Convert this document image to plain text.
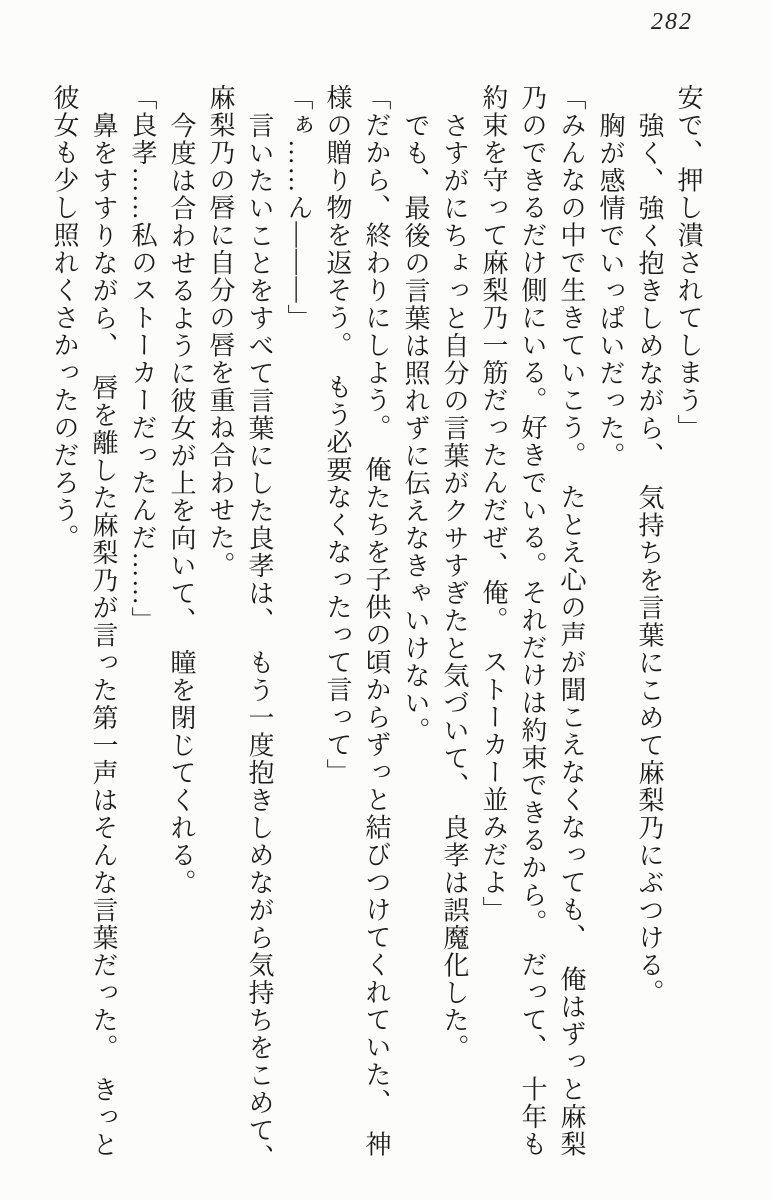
282

安で、押し潰されてしまう」

強く、強く抱きしめながら、　気持ちを言葉にこめて麻梨乃にぶつける。

胸が感情でいっぱいだった。

「みんなの中で生きていこう。　たとえ心の声が聞こえなくなっても、　俺はずっと麻梨

乃のできるだけ側にいる。好きでいる。それだけは約束できるから。　だって、　十年も

約束を守って麻梨乃一筋だったんだぜ、俺。　ストーカー並みだよ」

さすがにちょっと自分の言葉がクサすぎたと気づいて、　良孝は誤魔化した。

でも、最後の言葉は照れずに伝えなきゃいけない。

「だから、終わりにしよう。　俺たちを子供の頃からずっと結びつけてくれていた、　神

様の贈り物を返そう。　もう必要なくなったって言って」

「ぁ……ん―――」

言いたいことをすべて言葉にした良孝は、　もう一度抱きしめながら気持ちをこめて、

麻梨乃の唇に自分の唇を重ね合わせた。

今度は合わせるように彼女が上を向いて、　瞳を閉じてくれる。

「良孝……私のストーカーだったんだ……」

鼻をすすりながら、　唇を離した麻梨乃が言った第一声はそんな言葉だった。　きっと

彼女も少し照れくさかったのだろう。
